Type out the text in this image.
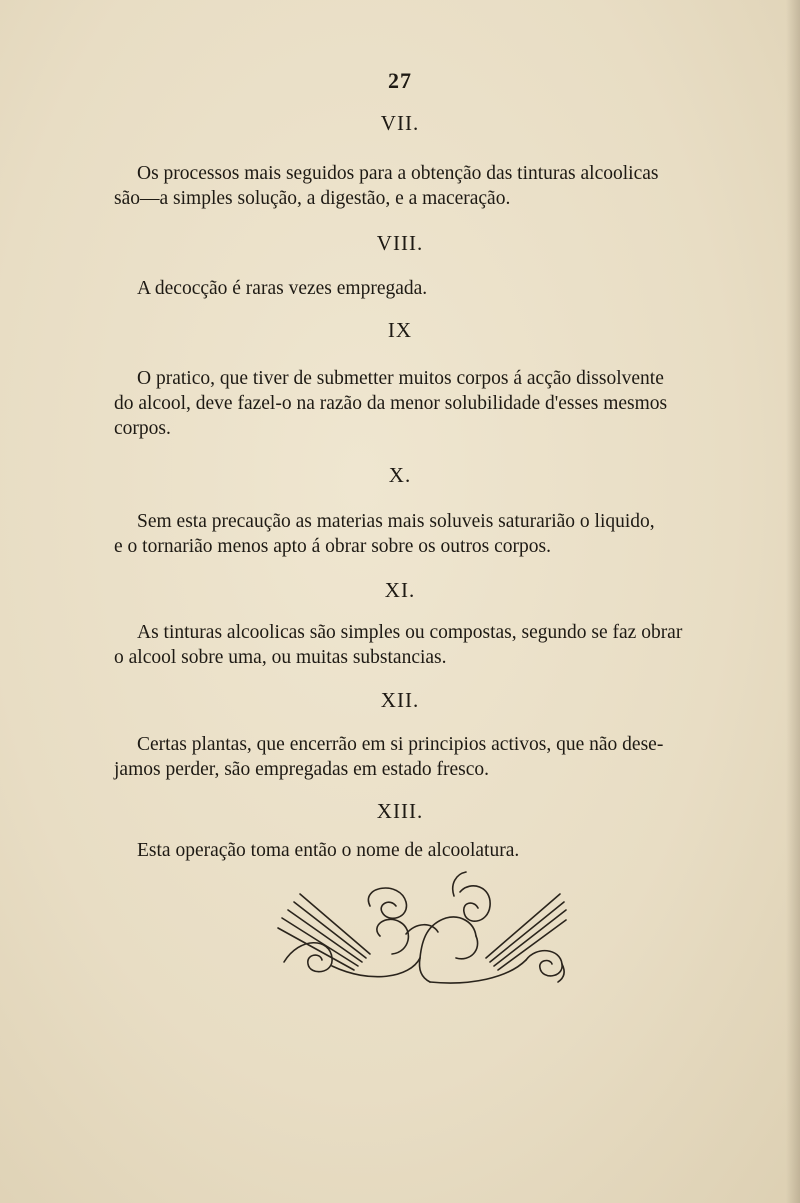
27
VII.
Os processos mais seguidos para a obtenção das tinturas alcoolicas
são—a simples solução, a digestão, e a maceração.
VIII.
A decocção é raras vezes empregada.
IX
O pratico, que tiver de submetter muitos corpos á acção dissolvente
do alcool, deve fazel-o na razão da menor solubilidade d'esses mesmos
corpos.
X.
Sem esta precaução as materias mais soluveis saturarião o liquido,
e o tornarião menos apto á obrar sobre os outros corpos.
XI.
As tinturas alcoolicas são simples ou compostas, segundo se faz obrar
o alcool sobre uma, ou muitas substancias.
XII.
Certas plantas, que encerrão em si principios activos, que não dese-
jamos perder, são empregadas em estado fresco.
XIII.
Esta operação toma então o nome de alcoolatura.
